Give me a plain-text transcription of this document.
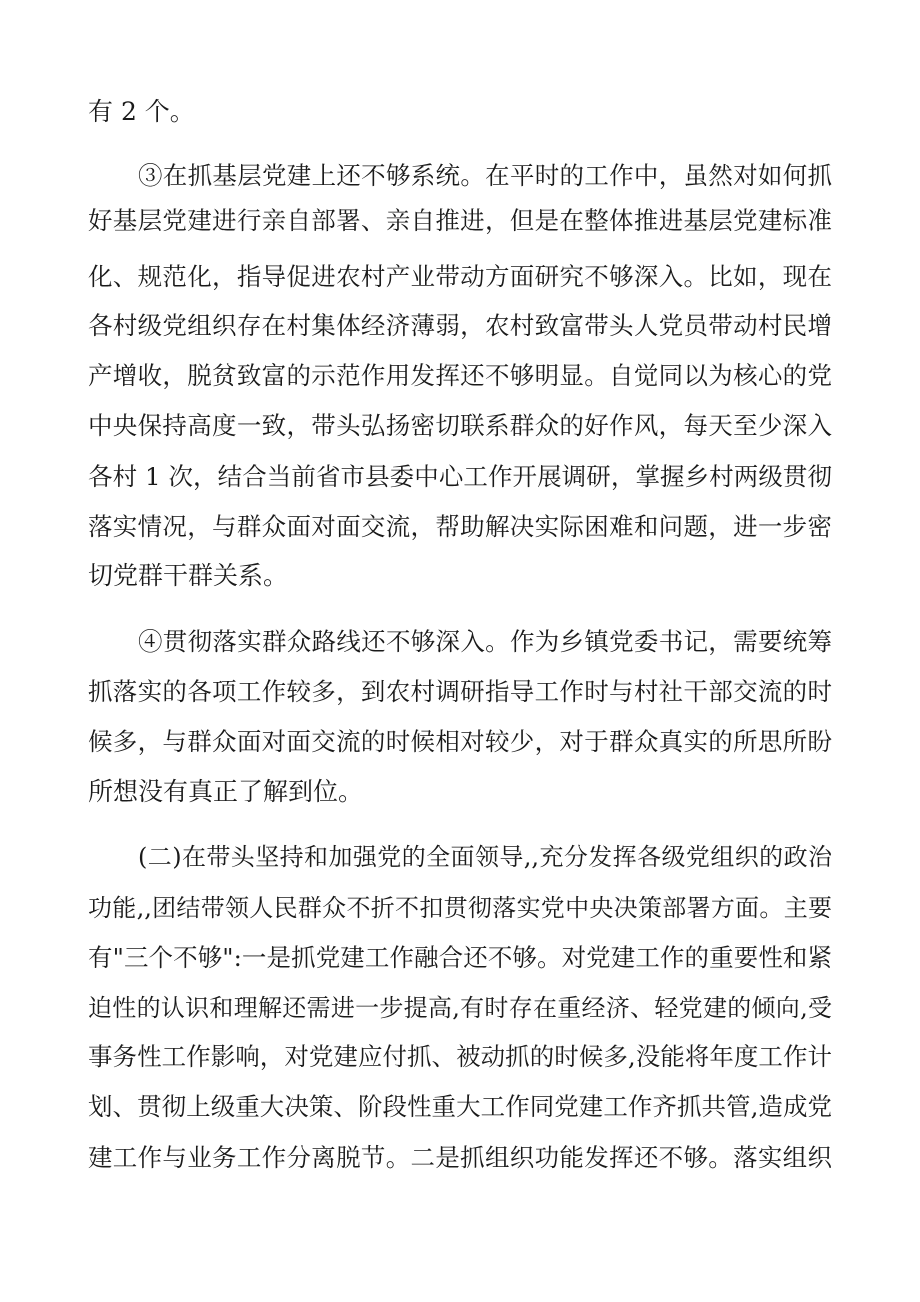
有 2 个。
③在抓基层党建上还不够系统。在平时的工作中，虽然对如何抓
好基层党建进行亲自部署、亲自推进，但是在整体推进基层党建标准
化、规范化，指导促进农村产业带动方面研究不够深入。比如，现在
各村级党组织存在村集体经济薄弱，农村致富带头人党员带动村民增
产增收，脱贫致富的示范作用发挥还不够明显。自觉同以为核心的党
中央保持高度一致，带头弘扬密切联系群众的好作风，每天至少深入
各村 1 次，结合当前省市县委中心工作开展调研，掌握乡村两级贯彻
落实情况，与群众面对面交流，帮助解决实际困难和问题，进一步密
切党群干群关系。
④贯彻落实群众路线还不够深入。作为乡镇党委书记，需要统筹
抓落实的各项工作较多，到农村调研指导工作时与村社干部交流的时
候多，与群众面对面交流的时候相对较少，对于群众真实的所思所盼
所想没有真正了解到位。
(二)在带头坚持和加强党的全面领导,,充分发挥各级党组织的政治
功能,,团结带领人民群众不折不扣贯彻落实党中央决策部署方面。主要
有"三个不够":一是抓党建工作融合还不够。对党建工作的重要性和紧
迫性的认识和理解还需进一步提高,有时存在重经济、轻党建的倾向,受
事务性工作影响，对党建应付抓、被动抓的时候多,没能将年度工作计
划、贯彻上级重大决策、阶段性重大工作同党建工作齐抓共管,造成党
建工作与业务工作分离脱节。二是抓组织功能发挥还不够。落实组织
